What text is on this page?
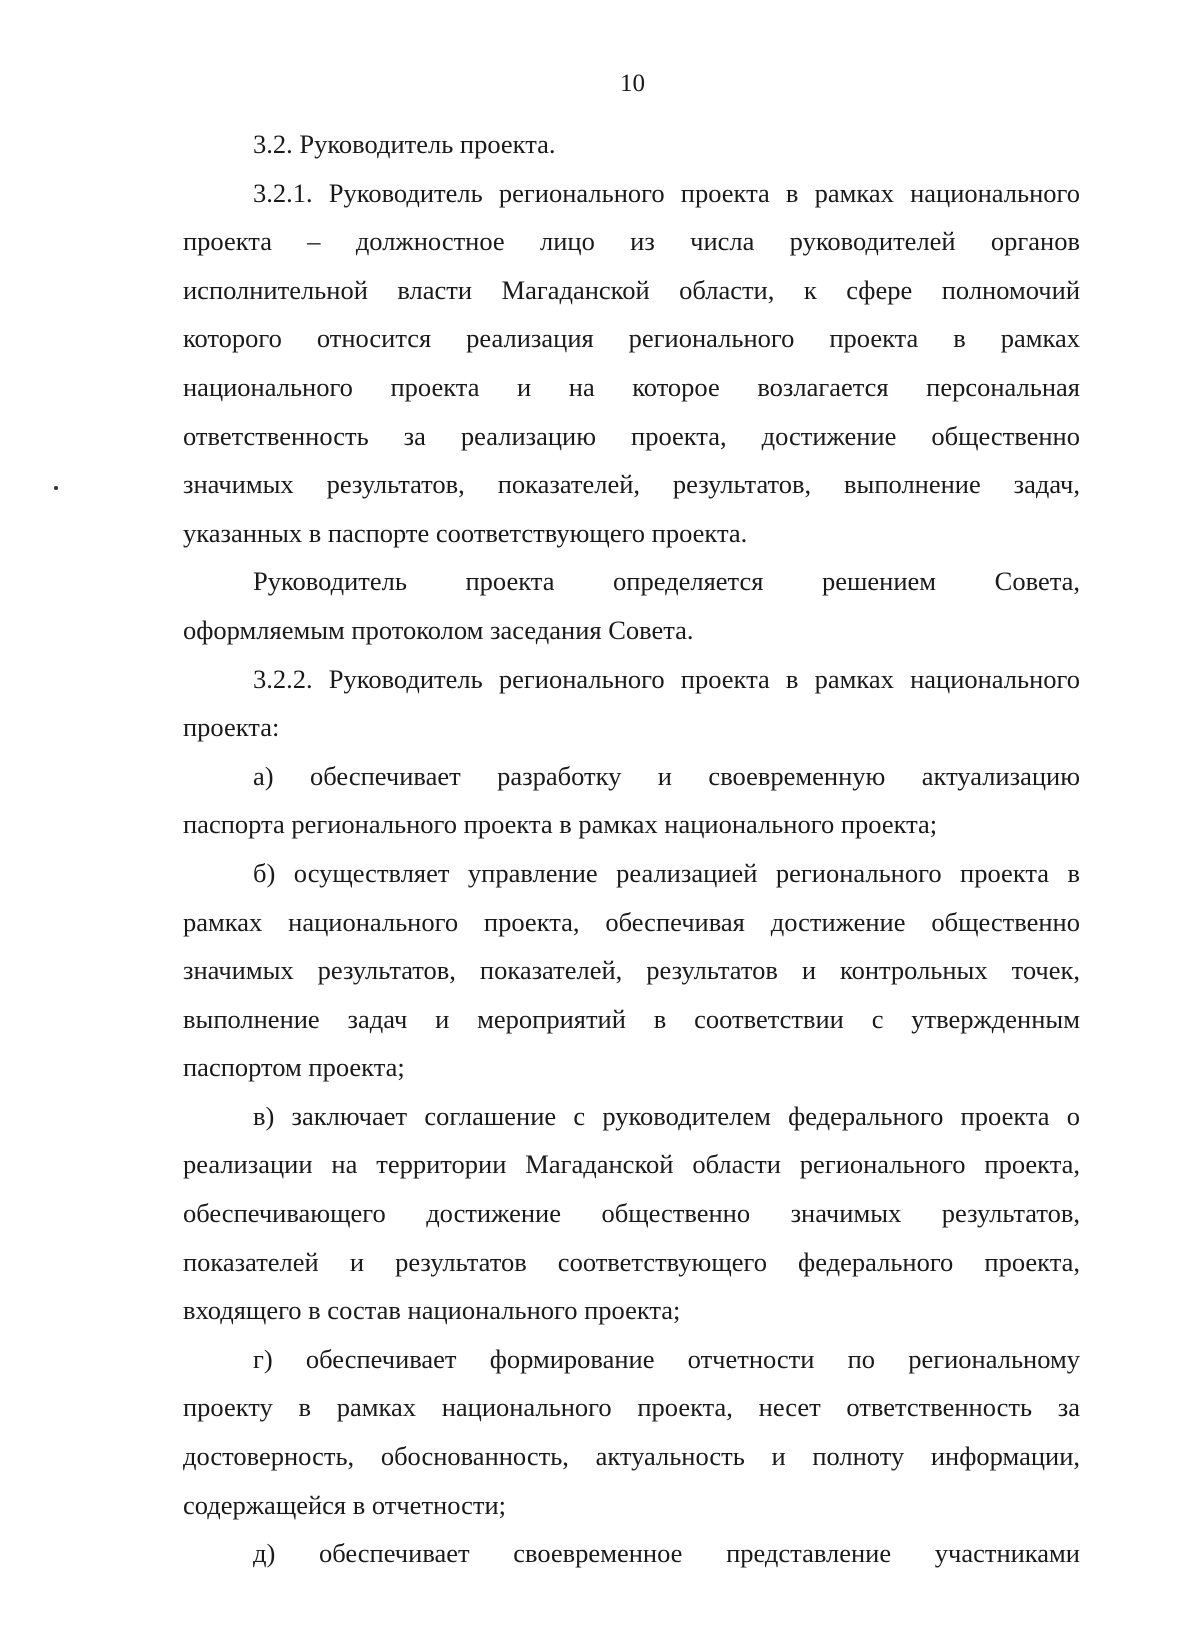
10
3.2. Руководитель проекта.
3.2.1. Руководитель регионального проекта в рамках национального
проекта – должностное лицо из числа руководителей органов
исполнительной власти Магаданской области, к сфере полномочий
которого относится реализация регионального проекта в рамках
национального проекта и на которое возлагается персональная
ответственность за реализацию проекта, достижение общественно
значимых результатов, показателей, результатов, выполнение задач,
указанных в паспорте соответствующего проекта.
Руководитель проекта определяется решением Совета,
оформляемым протоколом заседания Совета.
3.2.2. Руководитель регионального проекта в рамках национального
проекта:
а) обеспечивает разработку и своевременную актуализацию
паспорта регионального проекта в рамках национального проекта;
б) осуществляет управление реализацией регионального проекта в
рамках национального проекта, обеспечивая достижение общественно
значимых результатов, показателей, результатов и контрольных точек,
выполнение задач и мероприятий в соответствии с утвержденным
паспортом проекта;
в) заключает соглашение с руководителем федерального проекта о
реализации на территории Магаданской области регионального проекта,
обеспечивающего достижение общественно значимых результатов,
показателей и результатов соответствующего федерального проекта,
входящего в состав национального проекта;
г) обеспечивает формирование отчетности по региональному
проекту в рамках национального проекта, несет ответственность за
достоверность, обоснованность, актуальность и полноту информации,
содержащейся в отчетности;
д) обеспечивает своевременное представление участниками
